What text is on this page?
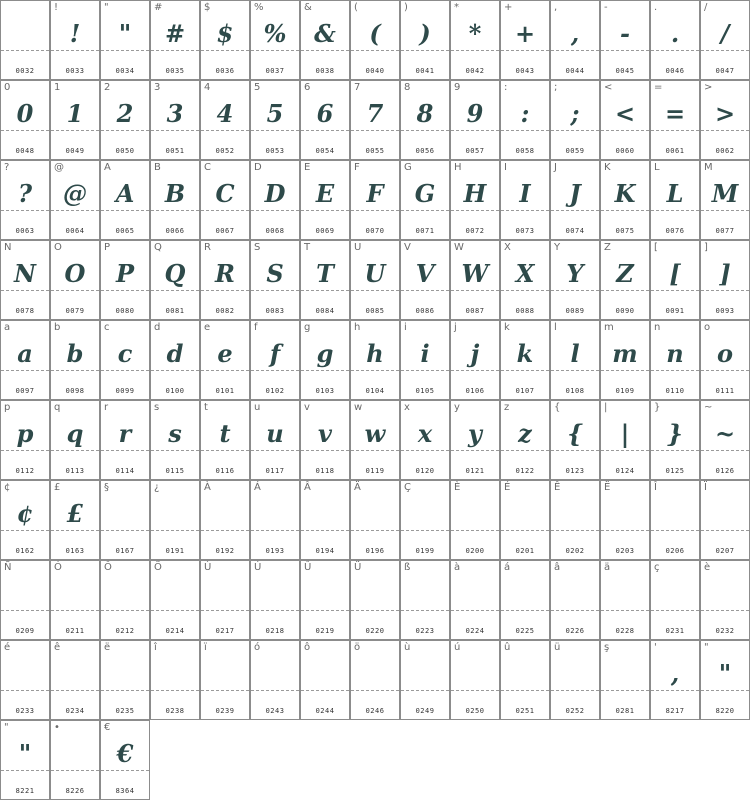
0032
!
!
0033
"
"
0034
#
#
0035
$
$
0036
%
%
0037
&
&
0038
(
(
0040
)
)
0041
*
*
0042
+
+
0043
,
,
0044
-
-
0045
.
.
0046
/
/
0047
0
0
0048
1
1
0049
2
2
0050
3
3
0051
4
4
0052
5
5
0053
6
6
0054
7
7
0055
8
8
0056
9
9
0057
:
:
0058
;
;
0059
<
<
0060
=
=
0061
>
>
0062
?
?
0063
@
@
0064
A
A
0065
B
B
0066
C
C
0067
D
D
0068
E
E
0069
F
F
0070
G
G
0071
H
H
0072
I
I
0073
J
J
0074
K
K
0075
L
L
0076
M
M
0077
N
N
0078
O
O
0079
P
P
0080
Q
Q
0081
R
R
0082
S
S
0083
T
T
0084
U
U
0085
V
V
0086
W
W
0087
X
X
0088
Y
Y
0089
Z
Z
0090
[
[
0091
]
]
0093
a
a
0097
b
b
0098
c
c
0099
d
d
0100
e
e
0101
f
f
0102
g
g
0103
h
h
0104
i
i
0105
j
j
0106
k
k
0107
l
l
0108
m
m
0109
n
n
0110
o
o
0111
p
p
0112
q
q
0113
r
r
0114
s
s
0115
t
t
0116
u
u
0117
v
v
0118
w
w
0119
x
x
0120
y
y
0121
z
z
0122
{
{
0123
|
|
0124
}
}
0125
~
~
0126
¢
¢
0162
£
£
0163
§
0167
¿
0191
À
0192
Á
0193
Â
0194
Ä
0196
Ç
0199
È
0200
É
0201
Ê
0202
Ë
0203
Î
0206
Ï
0207
Ñ
0209
Ó
0211
Ô
0212
Ö
0214
Ù
0217
Ú
0218
Û
0219
Ü
0220
ß
0223
à
0224
á
0225
â
0226
ä
0228
ç
0231
è
0232
é
0233
ê
0234
ë
0235
î
0238
ï
0239
ó
0243
ô
0244
ö
0246
ù
0249
ú
0250
û
0251
ü
0252
ş
0281
'
,
8217
"
"
8220
"
"
8221
•
8226
€
€
8364
